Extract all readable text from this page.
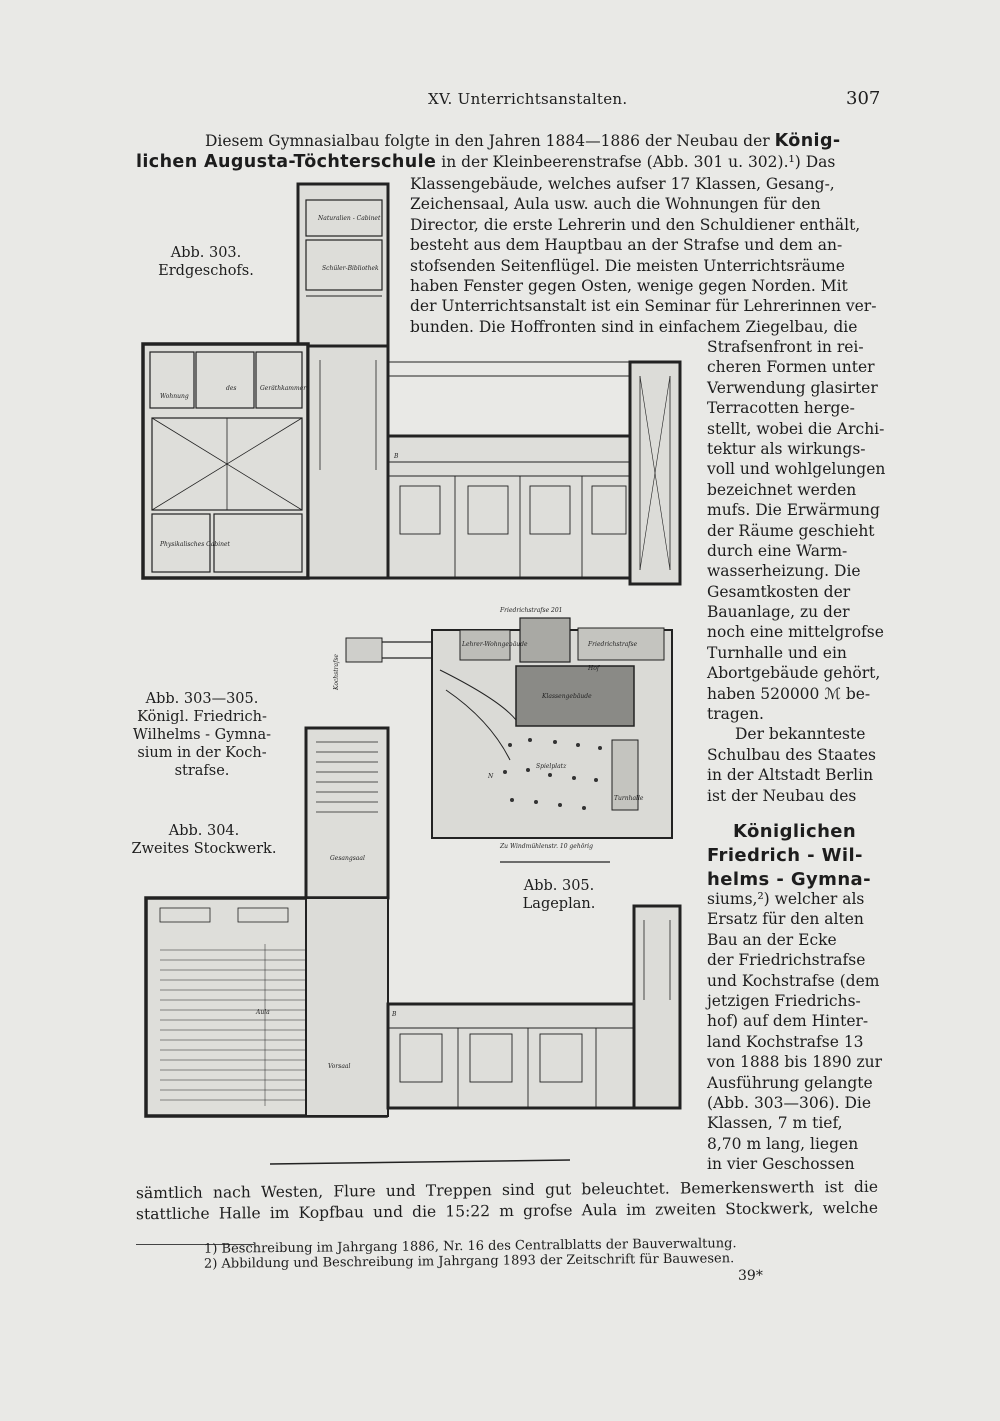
XV. Unterrichtsanstalten.	307
Diesem Gymnasialbau folgte in den Jahren 1884—1886 der Neubau der König-
lichen Augusta-Töchterschule in der Kleinbeerenstrafse (Abb. 301 u. 302).¹) Das
Klassengebäude, welches aufser 17 Klassen, Gesang-,
Zeichensaal, Aula usw. auch die Wohnungen für den
Director, die erste Lehrerin und den Schuldiener enthält,
besteht aus dem Hauptbau an der Strafse und dem an-
stofsenden Seitenflügel. Die meisten Unterrichtsräume
haben Fenster gegen Osten, wenige gegen Norden. Mit
der Unterrichtsanstalt ist ein Seminar für Lehrerinnen ver-
bunden. Die Hoffronten sind in einfachem Ziegelbau, die
Strafsenfront in rei-
cheren Formen unter
Verwendung glasirter
Terracotten herge-
stellt, wobei die Archi-
tektur als wirkungs-
voll und wohlgelungen
bezeichnet werden
mufs. Die Erwärmung
der Räume geschieht
durch eine Warm-
wasserheizung. Die
Gesamtkosten der
Bauanlage, zu der
noch eine mittelgrofse
Turnhalle und ein
Abortgebäude gehört,
haben 520000 ℳ be-
tragen.
Der bekannteste
Schulbau des Staates
in der Altstadt Berlin
ist der Neubau des
Königlichen
Friedrich - Wil-
helms - Gymna-
siums,²) welcher als
Ersatz für den alten
Bau an der Ecke
der Friedrichstrafse
und Kochstrafse (dem
jetzigen Friedrichs-
hof) auf dem Hinter-
land Kochstrafse 13
von 1888 bis 1890 zur
Ausführung gelangte
(Abb. 303—306). Die
Klassen, 7 m tief,
8,70 m lang, liegen
in vier Geschossen
sämtlich nach Westen, Flure und Treppen sind gut beleuchtet. Bemerkenswerth ist die
stattliche Halle im Kopfbau und die 15:22 m grofse Aula im zweiten Stockwerk, welche
Abb. 303.
Erdgeschofs.
Abb. 303—305.
Königl. Friedrich-
Wilhelms - Gymna-
sium in der Koch-
strafse.
Abb. 304.
Zweites Stockwerk.
Abb. 305.
Lageplan.
Naturalien - Cabinet
Schüler-Bibliothek
Wohnung
des	Geräthkammer
Physikalisches Cabinet
B
Gesangsaal
Aula
Vorsaal
Friedrichstrafse 201
Lehrer-Wohngebäude	Friedrichstrafse
Hof
Klassengebäude
Spielplatz
Turnhalle
Zu Windmühlenstr. 10 gehörig
B
N
Kochstrafse
1) Beschreibung im Jahrgang 1886, Nr. 16 des Centralblatts der Bauverwaltung.
2) Abbildung und Beschreibung im Jahrgang 1893 der Zeitschrift für Bauwesen.
39*
